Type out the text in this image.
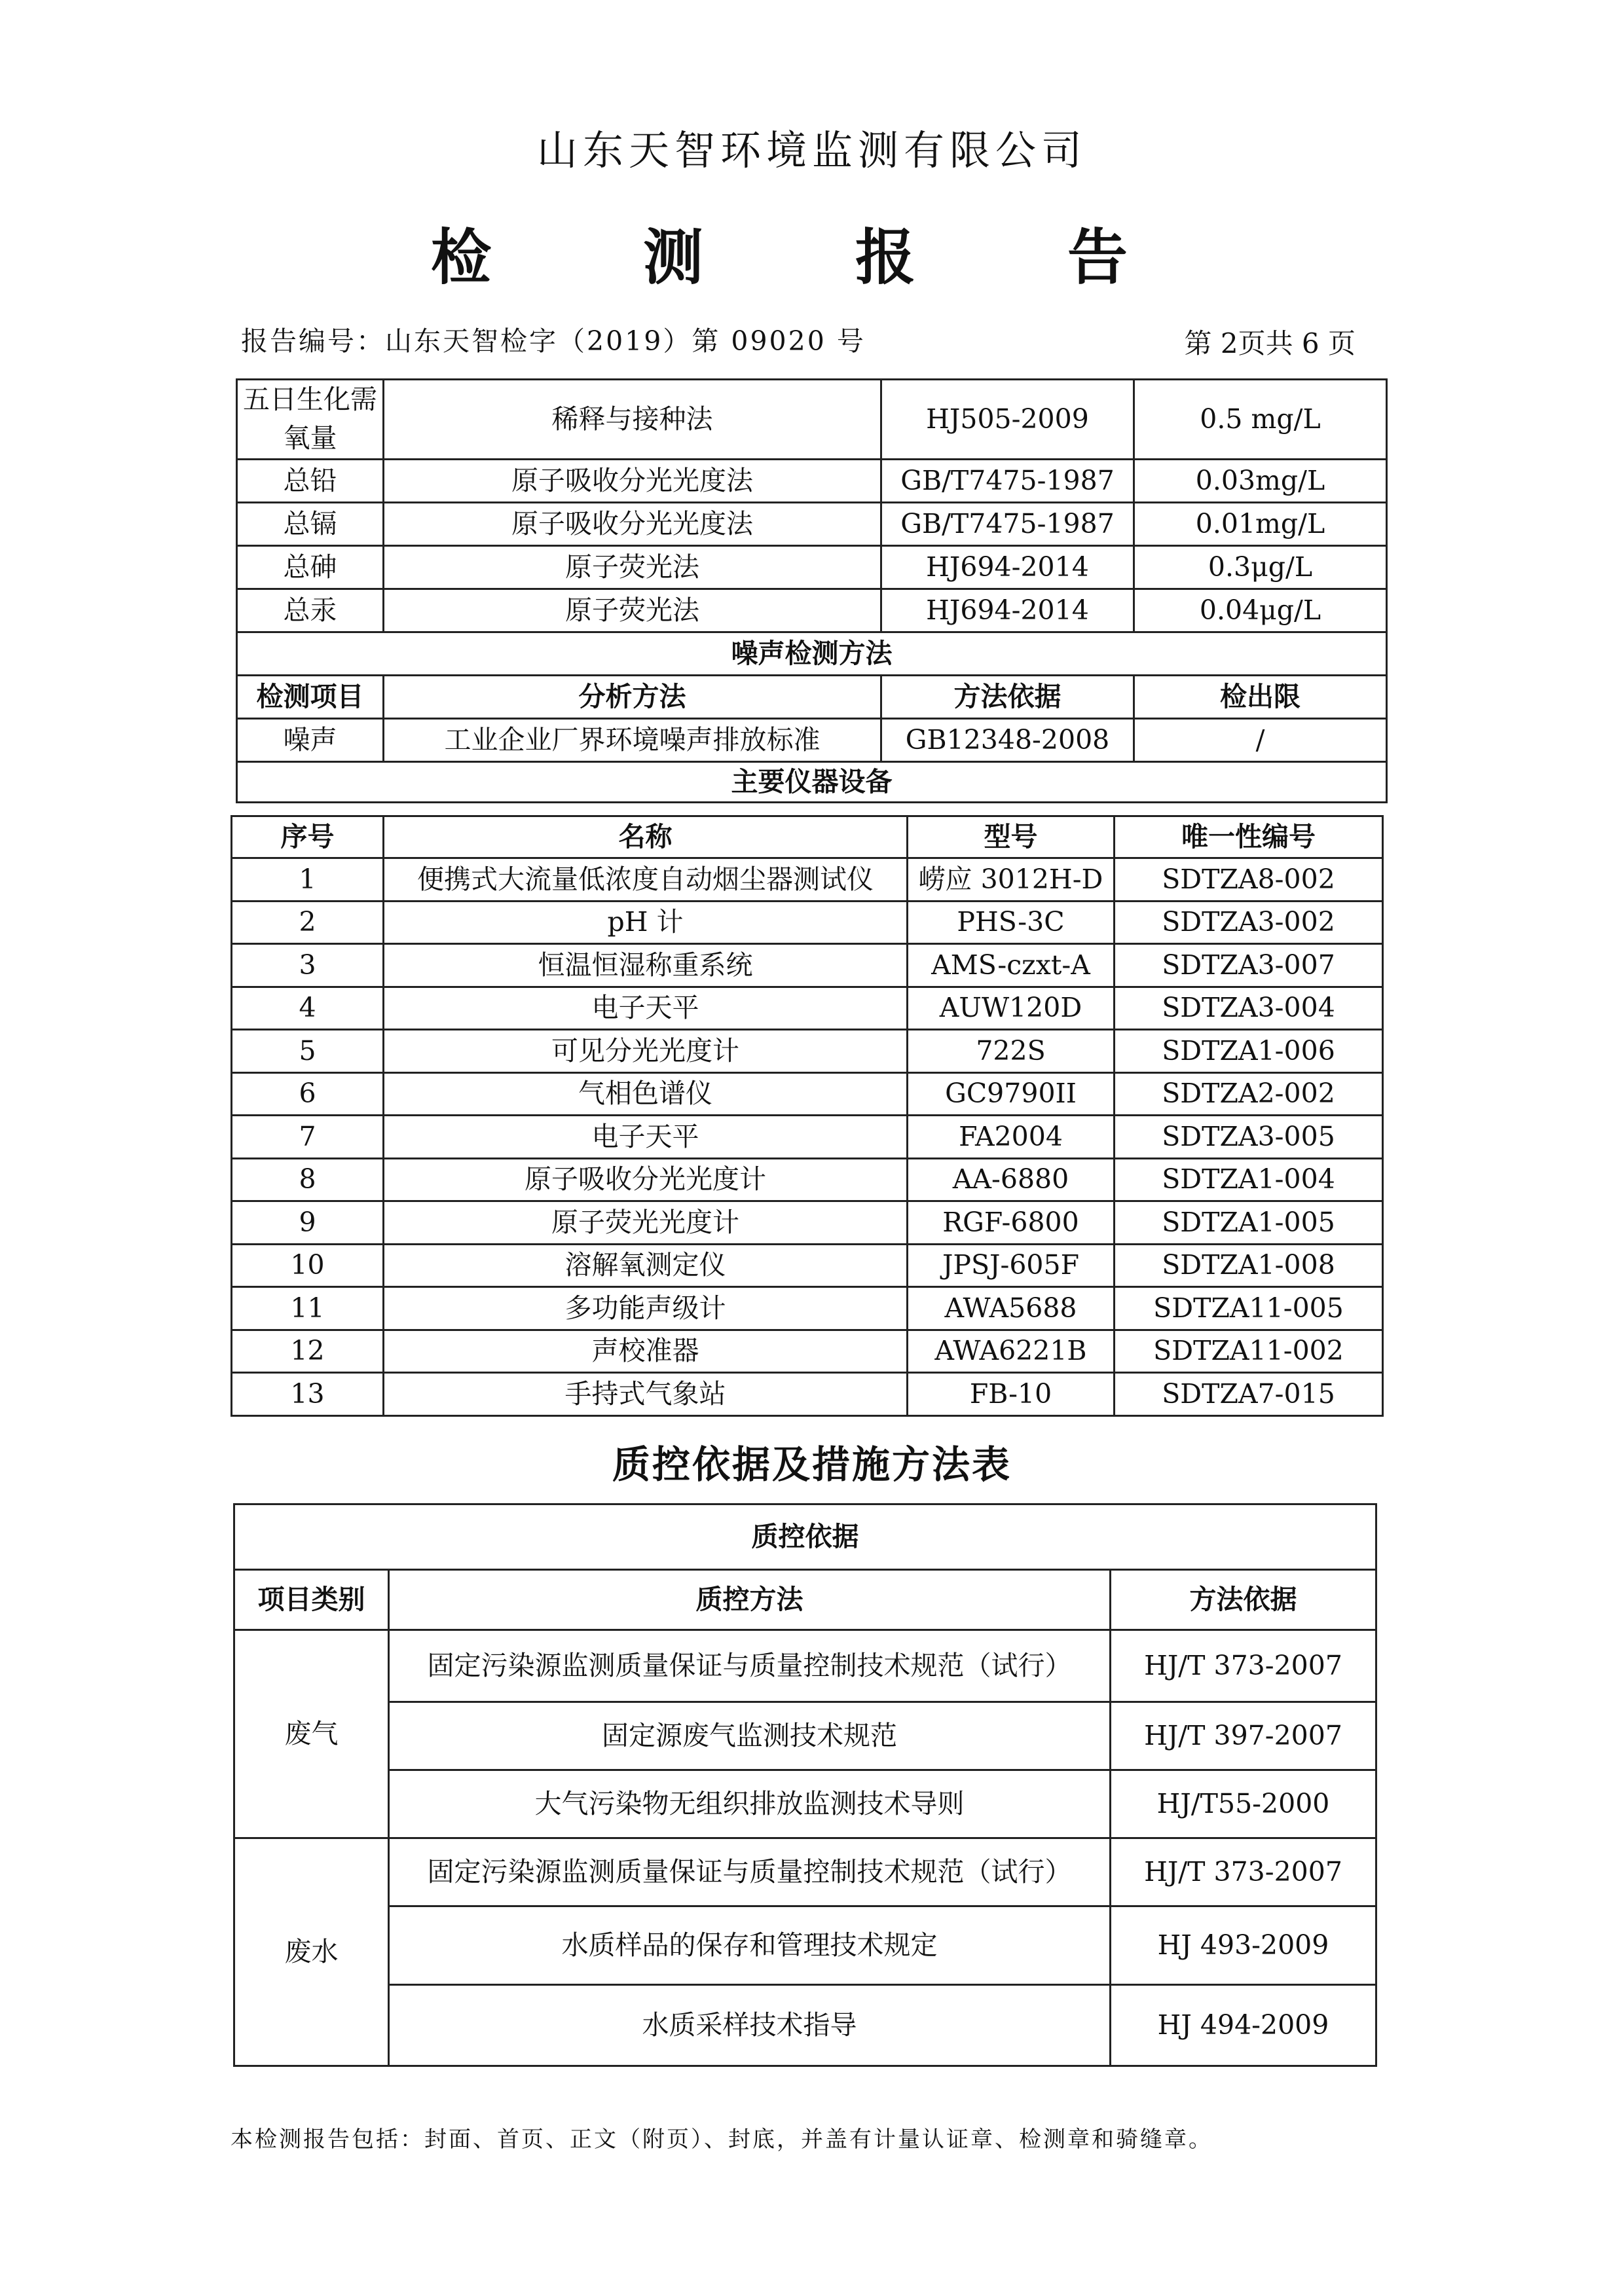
山东天智环境监测有限公司
检 测 报 告
报告编号：山东天智检字（2019）第 09020 号	第 2页共 6 页
五日生化需氧量	稀释与接种法	HJ505-2009	0.5 mg/L
总铅	原子吸收分光光度法	GB/T7475-1987	0.03mg/L
总镉	原子吸收分光光度法	GB/T7475-1987	0.01mg/L
总砷	原子荧光法	HJ694-2014	0.3μg/L
总汞	原子荧光法	HJ694-2014	0.04μg/L
噪声检测方法			
检测项目	分析方法	方法依据	检出限
噪声	工业企业厂界环境噪声排放标准	GB12348-2008	/
主要仪器设备			
序号	名称	型号	唯一性编号
1	便携式大流量低浓度自动烟尘器测试仪	崂应 3012H-D	SDTZA8-002
2	pH 计	PHS-3C	SDTZA3-002
3	恒温恒湿称重系统	AMS-czxt-A	SDTZA3-007
4	电子天平	AUW120D	SDTZA3-004
5	可见分光光度计	722S	SDTZA1-006
6	气相色谱仪	GC9790II	SDTZA2-002
7	电子天平	FA2004	SDTZA3-005
8	原子吸收分光光度计	AA-6880	SDTZA1-004
9	原子荧光光度计	RGF-6800	SDTZA1-005
10	溶解氧测定仪	JPSJ-605F	SDTZA1-008
11	多功能声级计	AWA5688	SDTZA11-005
12	声校准器	AWA6221B	SDTZA11-002
13	手持式气象站	FB-10	SDTZA7-015
质控依据及措施方法表
质控依据		
项目类别	质控方法	方法依据
废气	固定污染源监测质量保证与质量控制技术规范（试行）	HJ/T 373-2007
	固定源废气监测技术规范	HJ/T 397-2007
	大气污染物无组织排放监测技术导则	HJ/T55-2000
废水	固定污染源监测质量保证与质量控制技术规范（试行）	HJ/T 373-2007
	水质样品的保存和管理技术规定	HJ 493-2009
	水质采样技术指导	HJ 494-2009
本检测报告包括：封面、首页、正文（附页）、封底，并盖有计量认证章、检测章和骑缝章。
